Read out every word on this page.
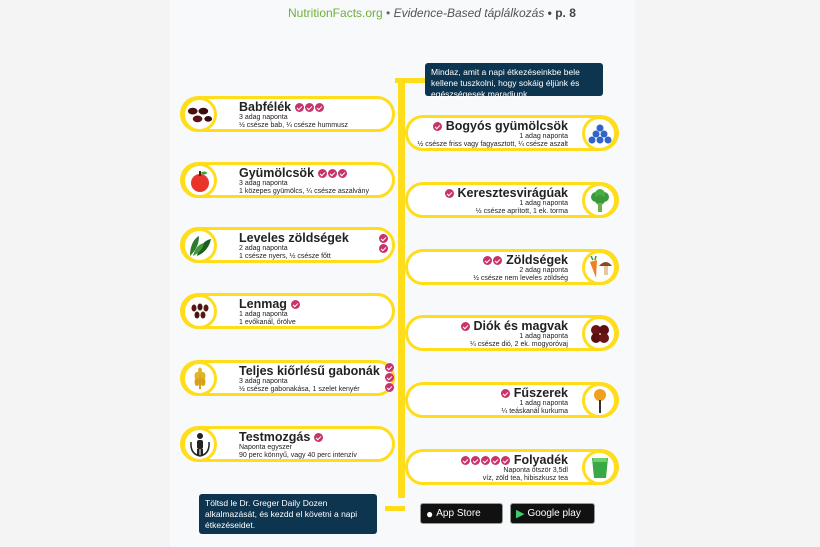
NutritionFacts.org • Evidence-Based táplálkozás • p. 8
Mindaz, amit a napi étkezéseinkbe bele kellene tuszkolni, hogy sokáig éljünk és egészségesek maradjunk.
Babfélék
3 adag naponta
½ csésze bab, ¼ csésze hummusz
Gyümölcsök
3 adag naponta
1 közepes gyümölcs, ¼ csésze aszalvány
Leveles zöldségek
2 adag naponta
1 csésze nyers, ½ csésze főtt
Lenmag
1 adag naponta
1 evőkanál, őrölve
Teljes kiőrlésű gabonák
3 adag naponta
½ csésze gabonakása, 1 szelet kenyér
Testmozgás
Naponta egyszer
90 perc könnyű, vagy 40 perc intenzív
Bogyós gyümölcsök
1 adag naponta
½ csésze friss vagy fagyasztott, ¼ csésze aszalt
Keresztesvirágúak
1 adag naponta
½ csésze aprított, 1 ek. torma
Zöldségek
2 adag naponta
½ csésze nem leveles zöldség
Diók és magvak
1 adag naponta
¼ csésze dió, 2 ek. mogyoróvaj
Fűszerek
1 adag naponta
¼ teáskanál kurkuma
Folyadék
Naponta ötször 3,5dl
víz, zöld tea, hibiszkusz tea
Töltsd le Dr. Greger Daily Dozen alkalmazását, és kezdd el követni a napi étkezéseidet.
● App Store	▶ Google play
